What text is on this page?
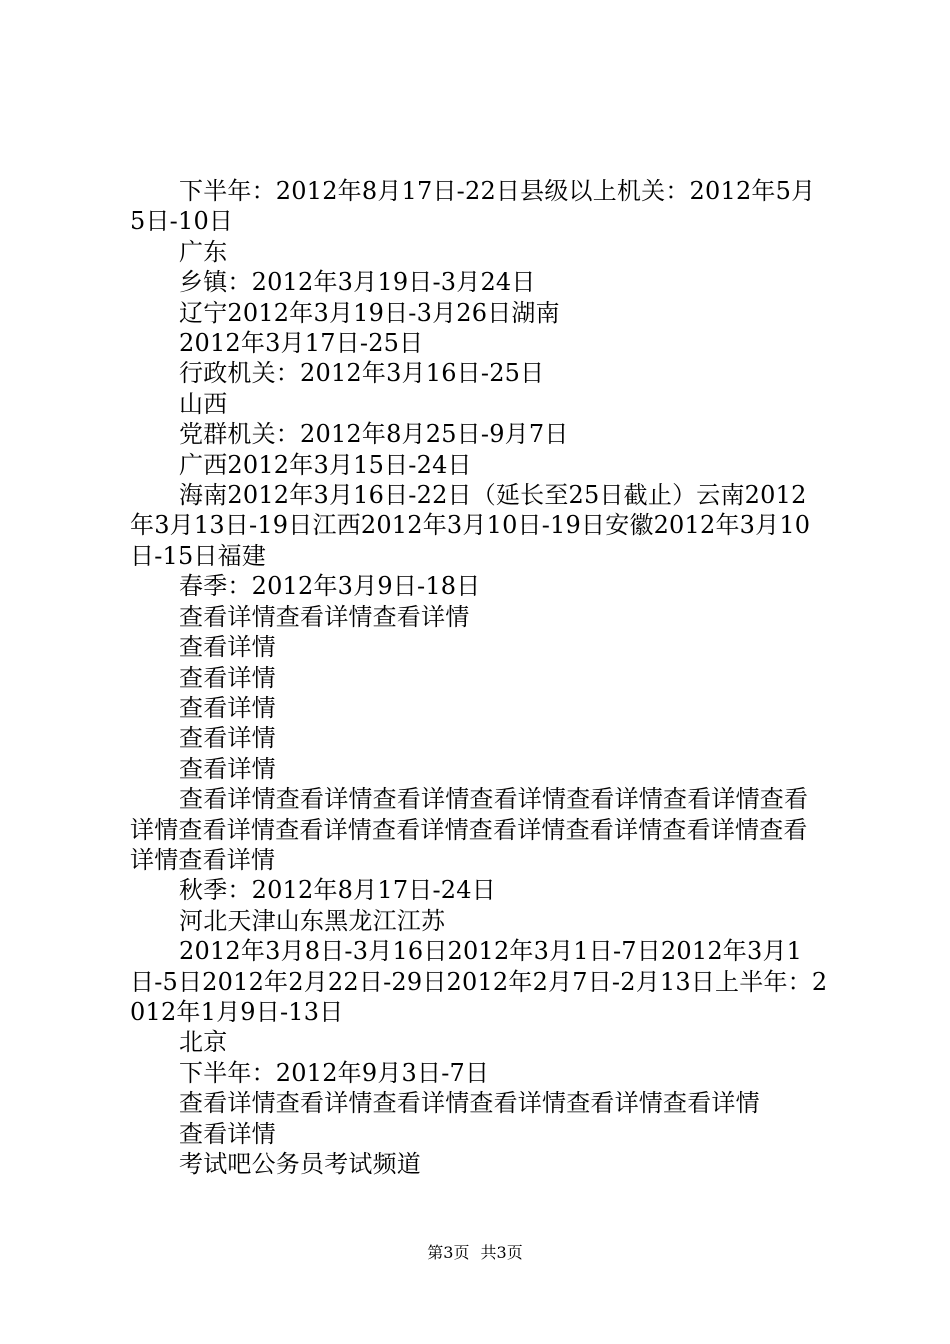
下半年：2012年8月17日-22日县级以上机关：2012年5月5日-10日

广东

乡镇：2012年3月19日-3月24日

辽宁2012年3月19日-3月26日湖南

2012年3月17日-25日

行政机关：2012年3月16日-25日

山西

党群机关：2012年8月25日-9月7日

广西2012年3月15日-24日

海南2012年3月16日-22日（延长至25日截止）云南2012年3月13日-19日江西2012年3月10日-19日安徽2012年3月10日-15日福建

春季：2012年3月9日-18日

查看详情查看详情查看详情

查看详情

查看详情

查看详情

查看详情

查看详情

查看详情查看详情查看详情查看详情查看详情查看详情查看详情查看详情查看详情查看详情查看详情查看详情查看详情查看详情查看详情

秋季：2012年8月17日-24日

河北天津山东黑龙江江苏

2012年3月8日-3月16日2012年3月1日-7日2012年3月1日-5日2012年2月22日-29日2012年2月7日-2月13日上半年：2012年1月9日-13日

北京

下半年：2012年9月3日-7日

查看详情查看详情查看详情查看详情查看详情查看详情

查看详情

考试吧公务员考试频道

第3页 共3页
